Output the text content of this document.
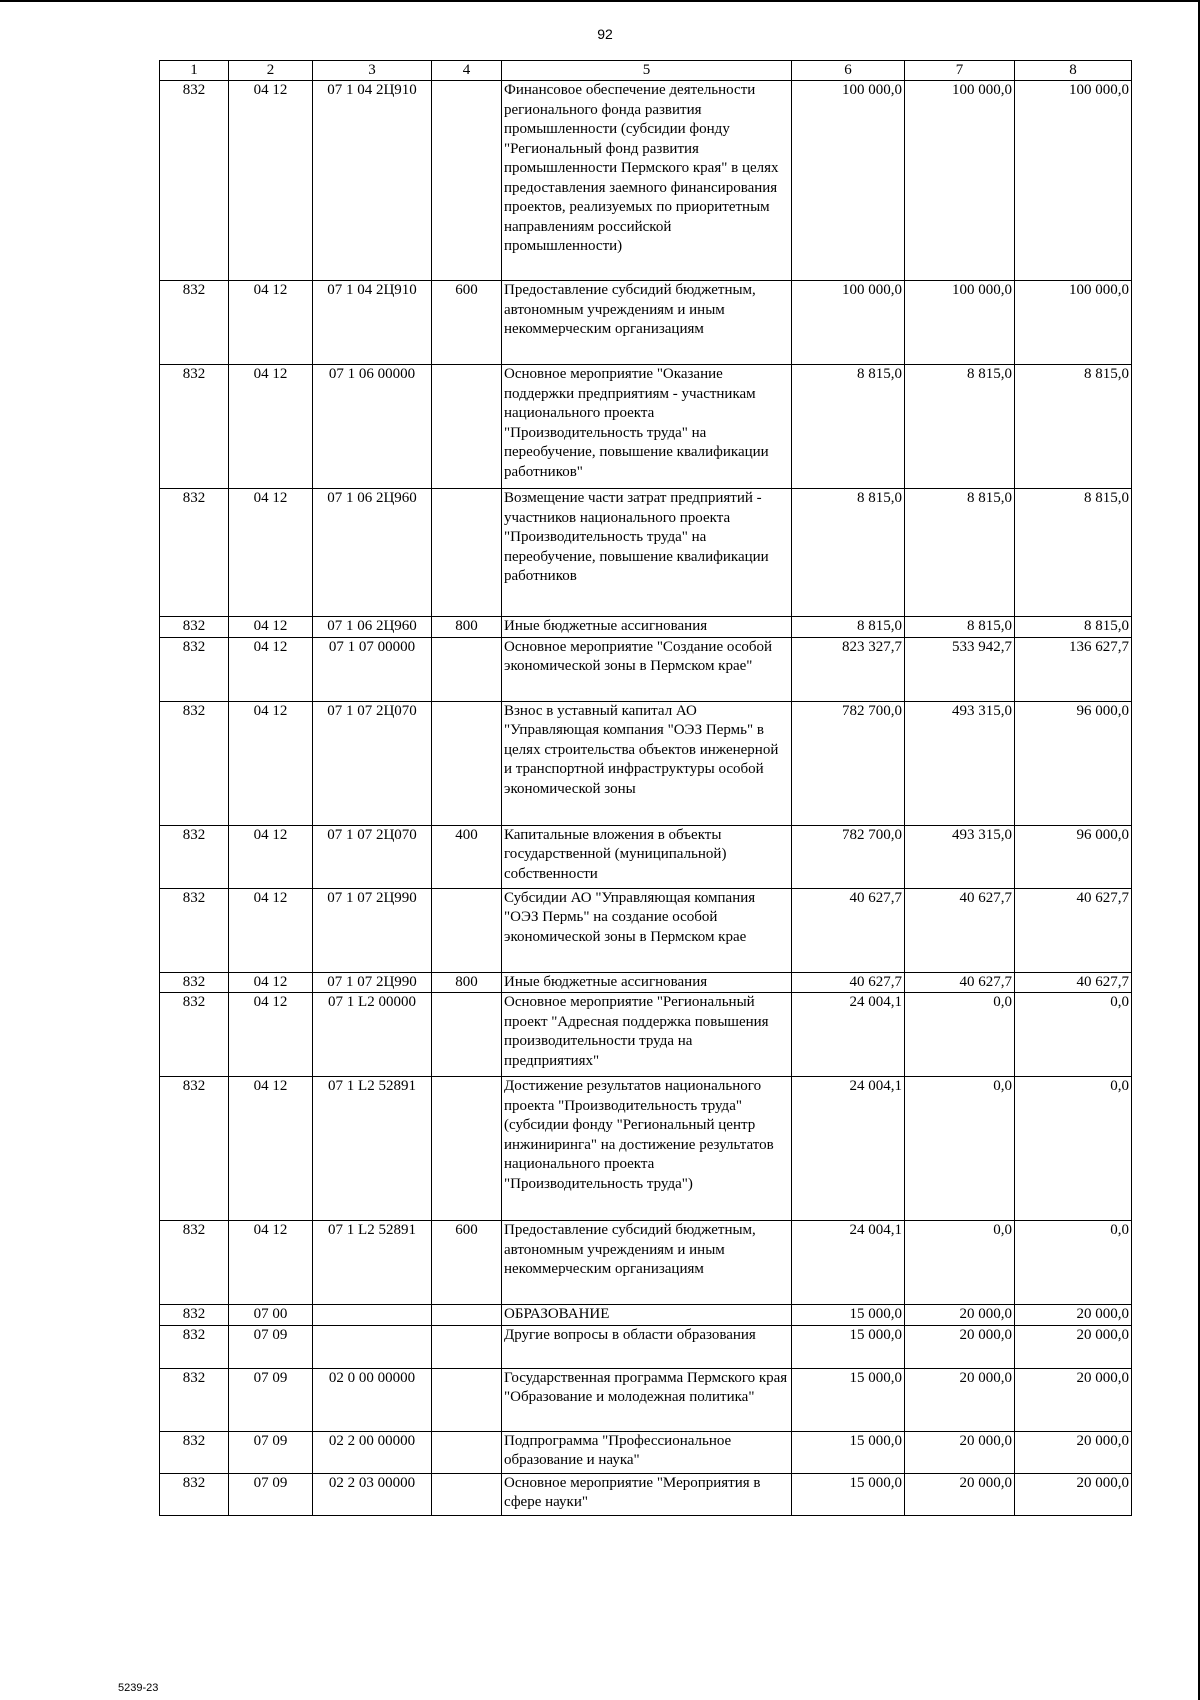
92
1	2	3	4	5	6	7	8
832	04 12	07 1 04 2Ц910		Финансовое обеспечение деятельности регионального фонда развития промышленности (субсидии фонду "Региональный фонд развития промышленности Пермского края" в целях предоставления заемного финансирования проектов, реализуемых по приоритетным направлениям российской промышленности)	100 000,0	100 000,0	100 000,0
832	04 12	07 1 04 2Ц910	600	Предоставление субсидий бюджетным, автономным учреждениям и иным некоммерческим организациям	100 000,0	100 000,0	100 000,0
832	04 12	07 1 06 00000		Основное мероприятие "Оказание поддержки предприятиям - участникам национального проекта "Производительность труда" на переобучение, повышение квалификации работников"	8 815,0	8 815,0	8 815,0
832	04 12	07 1 06 2Ц960		Возмещение части затрат предприятий - участников национального проекта "Производительность труда" на переобучение, повышение квалификации работников	8 815,0	8 815,0	8 815,0
832	04 12	07 1 06 2Ц960	800	Иные бюджетные ассигнования	8 815,0	8 815,0	8 815,0
832	04 12	07 1 07 00000		Основное мероприятие "Создание особой экономической зоны в Пермском крае"	823 327,7	533 942,7	136 627,7
832	04 12	07 1 07 2Ц070		Взнос в уставный капитал АО "Управляющая компания "ОЭЗ Пермь" в целях строительства объектов инженерной и транспортной инфраструктуры особой экономической зоны	782 700,0	493 315,0	96 000,0
832	04 12	07 1 07 2Ц070	400	Капитальные вложения в объекты государственной (муниципальной) собственности	782 700,0	493 315,0	96 000,0
832	04 12	07 1 07 2Ц990		Субсидии АО "Управляющая компания "ОЭЗ Пермь" на создание особой экономической зоны в Пермском крае	40 627,7	40 627,7	40 627,7
832	04 12	07 1 07 2Ц990	800	Иные бюджетные ассигнования	40 627,7	40 627,7	40 627,7
832	04 12	07 1 L2 00000		Основное мероприятие "Региональный проект "Адресная поддержка повышения производительности труда на предприятиях"	24 004,1	0,0	0,0
832	04 12	07 1 L2 52891		Достижение результатов национального проекта "Производительность труда" (субсидии фонду "Региональный центр инжиниринга" на достижение результатов национального проекта "Производительность труда")	24 004,1	0,0	0,0
832	04 12	07 1 L2 52891	600	Предоставление субсидий бюджетным, автономным учреждениям и иным некоммерческим организациям	24 004,1	0,0	0,0
832	07 00			ОБРАЗОВАНИЕ	15 000,0	20 000,0	20 000,0
832	07 09			Другие вопросы в области образования	15 000,0	20 000,0	20 000,0
832	07 09	02 0 00 00000		Государственная программа Пермского края "Образование и молодежная политика"	15 000,0	20 000,0	20 000,0
832	07 09	02 2 00 00000		Подпрограмма "Профессиональное образование и наука"	15 000,0	20 000,0	20 000,0
832	07 09	02 2 03 00000		Основное мероприятие "Мероприятия в сфере науки"	15 000,0	20 000,0	20 000,0
5239-23
